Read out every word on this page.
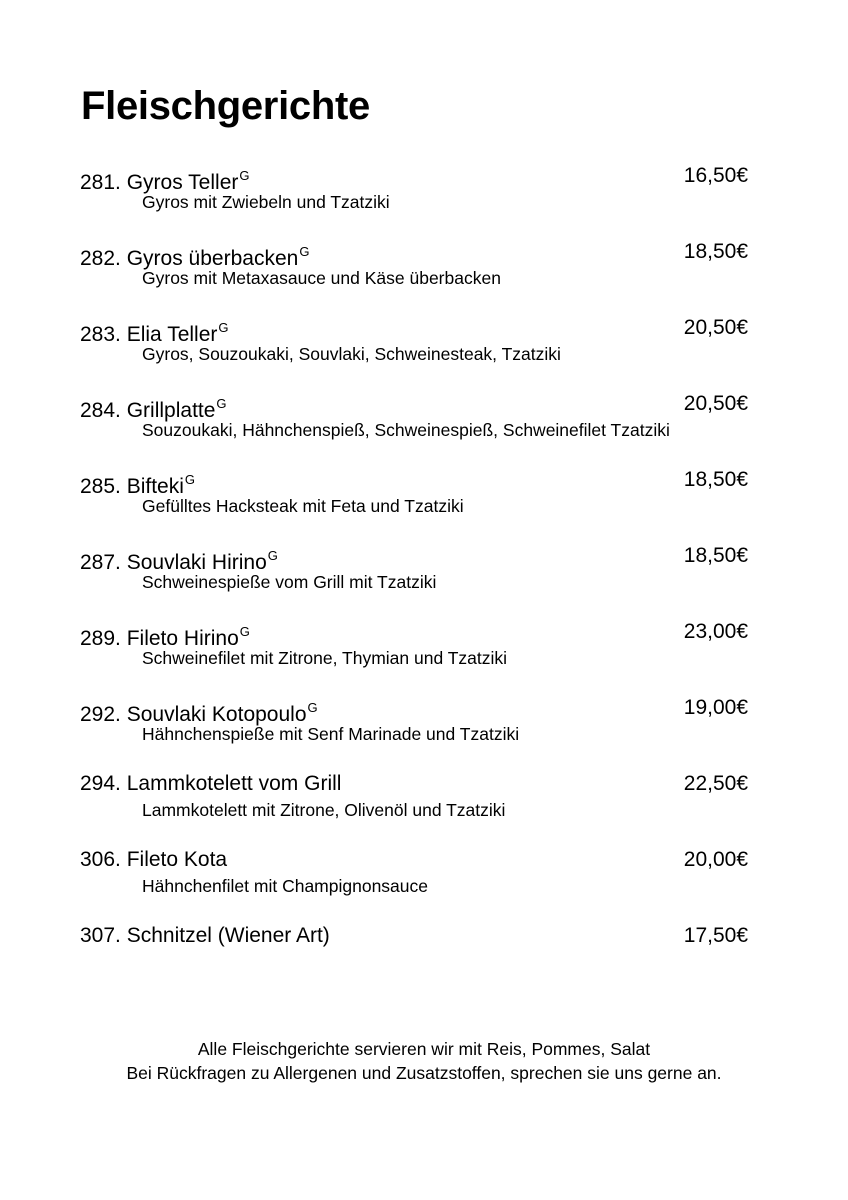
Fleischgerichte
281. Gyros Teller$^G$	16,50€
Gyros mit Zwiebeln und Tzatziki
282. Gyros überbacken$^G$	18,50€
Gyros mit Metaxasauce und Käse überbacken
283. Elia Teller$^G$	20,50€
Gyros, Souzoukaki, Souvlaki, Schweinesteak, Tzatziki
284. Grillplatte$^G$	20,50€
Souzoukaki, Hähnchenspieß, Schweinespieß, Schweinefilet Tzatziki
285. Bifteki$^G$	18,50€
Gefülltes Hacksteak mit Feta und Tzatziki
287. Souvlaki Hirino$^G$	18,50€
Schweinespieße vom Grill mit Tzatziki
289. Fileto Hirino$^G$	23,00€
Schweinefilet mit Zitrone, Thymian und Tzatziki
292. Souvlaki Kotopoulo$^G$	19,00€
Hähnchenspieße mit Senf Marinade und Tzatziki
294. Lammkotelett vom Grill	22,50€
Lammkotelett mit Zitrone, Olivenöl und Tzatziki
306. Fileto Kota	20,00€
Hähnchenfilet mit Champignonsauce
307. Schnitzel (Wiener Art)	17,50€
Alle Fleischgerichte servieren wir mit Reis, Pommes, Salat
Bei Rückfragen zu Allergenen und Zusatzstoffen, sprechen sie uns gerne an.
